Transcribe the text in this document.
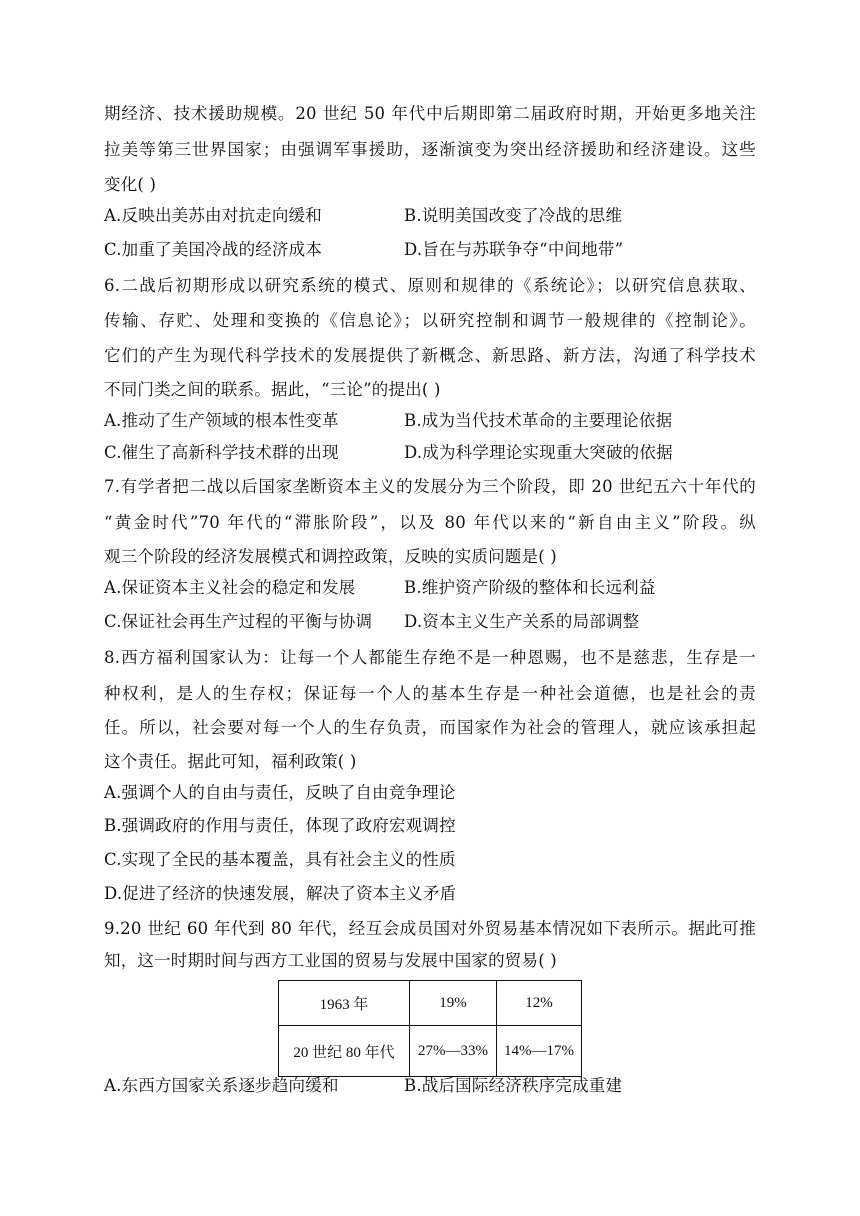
期经济、技术援助规模。20 世纪 50 年代中后期即第二届政府时期，开始更多地关注
拉美等第三世界国家；由强调军事援助，逐渐演变为突出经济援助和经济建设。这些
变化( )
A.反映出美苏由对抗走向缓和	B.说明美国改变了冷战的思维
C.加重了美国冷战的经济成本	D.旨在与苏联争夺“中间地带”
6.二战后初期形成以研究系统的模式、原则和规律的《系统论》；以研究信息获取、
传输、存贮、处理和变换的《信息论》；以研究控制和调节一般规律的《控制论》。
它们的产生为现代科学技术的发展提供了新概念、新思路、新方法，沟通了科学技术
不同门类之间的联系。据此，“三论”的提出( )
A.推动了生产领域的根本性变革	B.成为当代技术革命的主要理论依据
C.催生了高新科学技术群的出现	D.成为科学理论实现重大突破的依据
7.有学者把二战以后国家垄断资本主义的发展分为三个阶段，即 20 世纪五六十年代的
“黄金时代”70 年代的“滞胀阶段”，以及 80 年代以来的“新自由主义”阶段。纵
观三个阶段的经济发展模式和调控政策，反映的实质问题是( )
A.保证资本主义社会的稳定和发展	B.维护资产阶级的整体和长远利益
C.保证社会再生产过程的平衡与协调 D.资本主义生产关系的局部调整
8.西方福利国家认为：让每一个人都能生存绝不是一种恩赐，也不是慈悲，生存是一
种权利，是人的生存权；保证每一个人的基本生存是一种社会道德，也是社会的责
任。所以，社会要对每一个人的生存负责，而国家作为社会的管理人，就应该承担起
这个责任。据此可知，福利政策( )
A.强调个人的自由与责任，反映了自由竞争理论
B.强调政府的作用与责任，体现了政府宏观调控
C.实现了全民的基本覆盖，具有社会主义的性质
D.促进了经济的快速发展，解决了资本主义矛盾
9.20 世纪 60 年代到 80 年代，经互会成员国对外贸易基本情况如下表所示。据此可推
知，这一时期时间与西方工业国的贸易与发展中国家的贸易( )
1963 年	19%	12%
20 世纪 80 年代	27%—33%	14%—17%
A.东西方国家关系逐步趋向缓和	B.战后国际经济秩序完成重建
